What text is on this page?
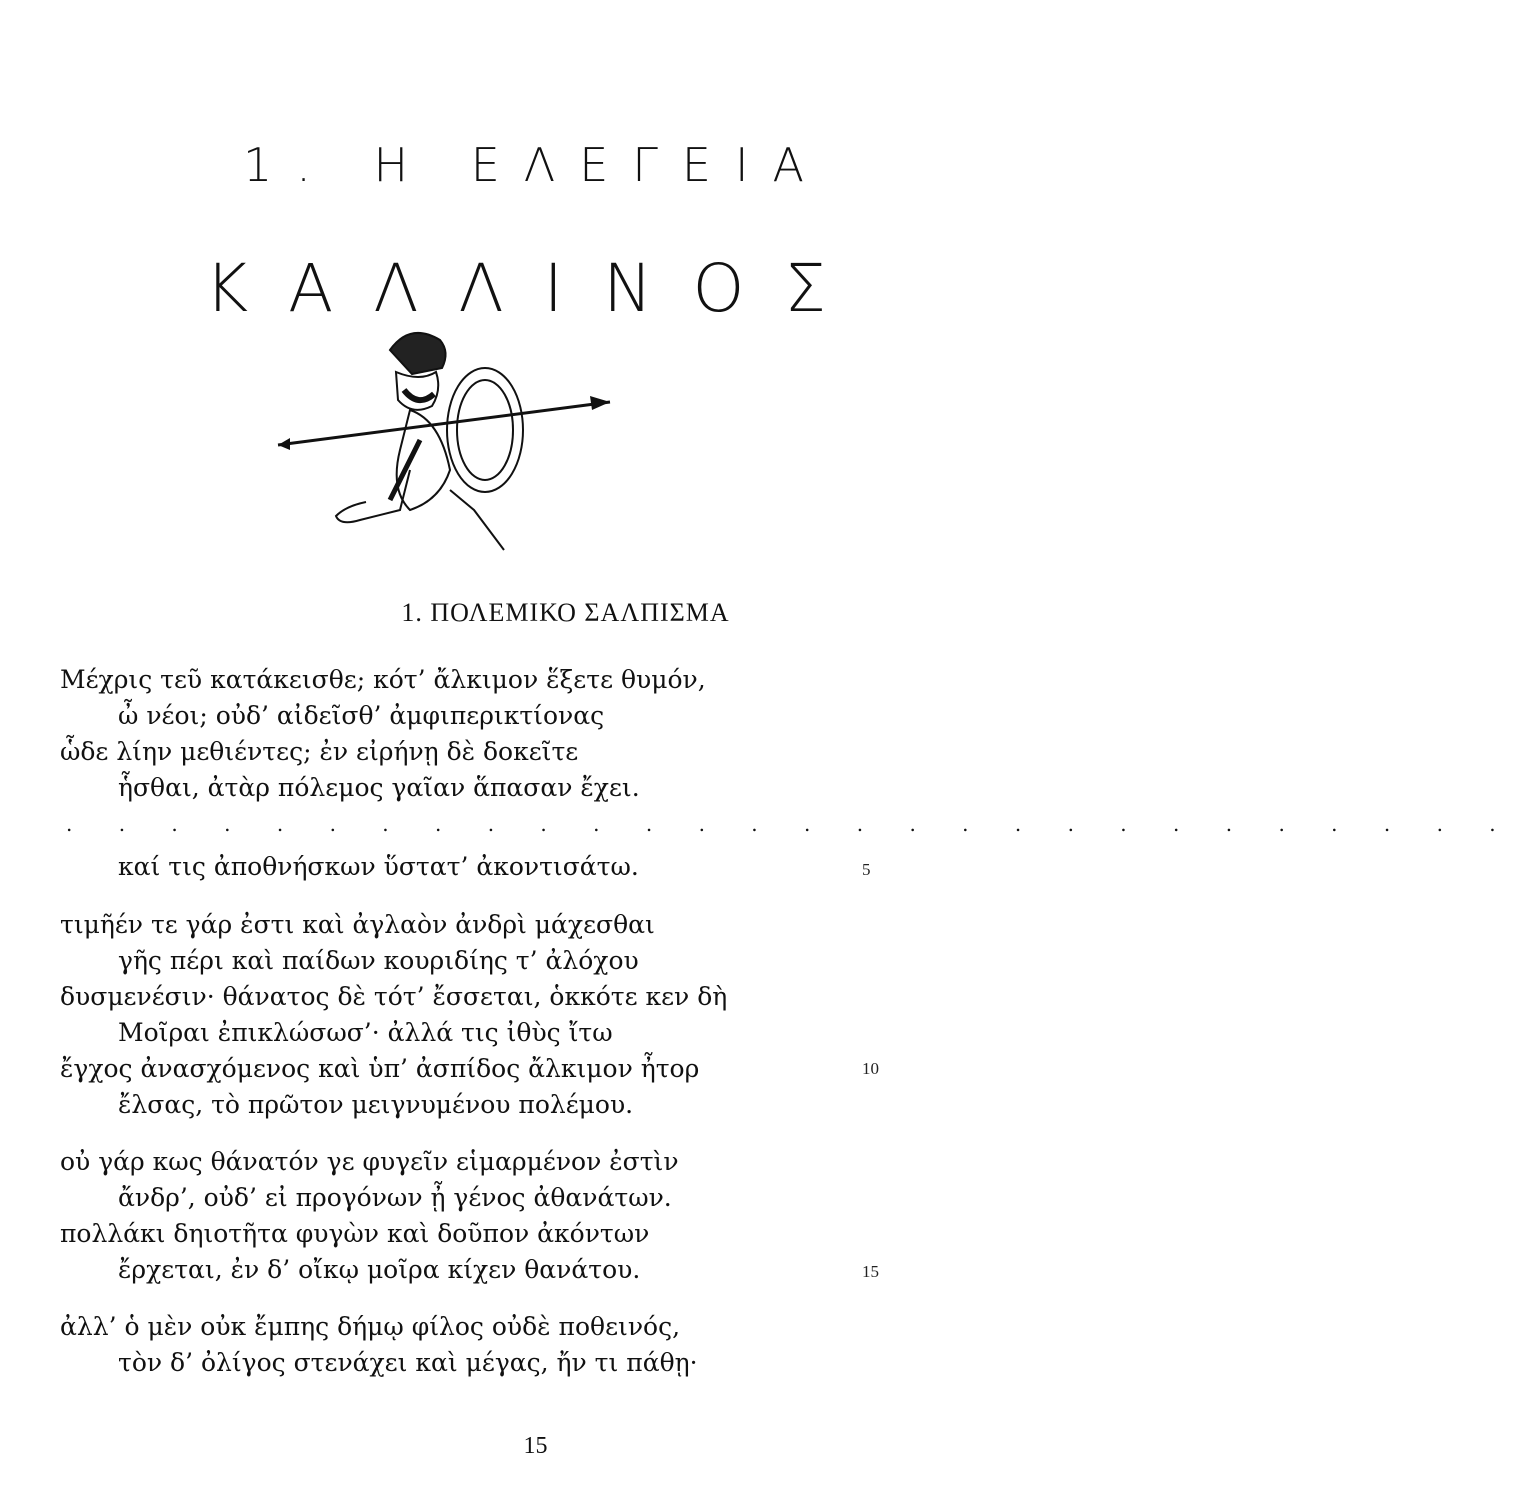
1. Η ΕΛΕΓΕΙΑ
ΚΑΛΛΙΝΟΣ
1. ΠΟΛΕΜΙΚΟ ΣΑΛΠΙΣΜΑ
Μέχρις τεῦ κατάκεισθε; κότ’ ἄλκιμον ἕξετε θυμόν,
ὦ νέοι; οὐδ’ αἰδεῖσθ’ ἀμφιπερικτίονας
ὧδε λίην μεθιέντες; ἐν εἰρήνῃ δὲ δοκεῖτε
ἧσθαι, ἀτὰρ πόλεμος γαῖαν ἅπασαν ἔχει.
. . . . . . . . . . . . . . . . . . . . . . . . . . . .
καί τις ἀποθνήσκων ὕστατ’ ἀκοντισάτω.	5
τιμῆέν τε γάρ ἐστι καὶ ἀγλαὸν ἀνδρὶ μάχεσθαι
γῆς πέρι καὶ παίδων κουριδίης τ’ ἀλόχου
δυσμενέσιν· θάνατος δὲ τότ’ ἔσσεται, ὁκκότε κεν δὴ
Μοῖραι ἐπικλώσωσ’· ἀλλά τις ἰθὺς ἴτω
ἔγχος ἀνασχόμενος καὶ ὑπ’ ἀσπίδος ἄλκιμον ἦτορ	10
ἔλσας, τὸ πρῶτον μειγνυμένου πολέμου.
οὐ γάρ κως θάνατόν γε φυγεῖν εἱμαρμένον ἐστὶν
ἄνδρ’, οὐδ’ εἰ προγόνων ᾖ γένος ἀθανάτων.
πολλάκι δηιοτῆτα φυγὼν καὶ δοῦπον ἀκόντων
ἔρχεται, ἐν δ’ οἴκῳ μοῖρα κίχεν θανάτου.	15
ἀλλ’ ὁ μὲν οὐκ ἔμπης δήμῳ φίλος οὐδὲ ποθεινός,
τὸν δ’ ὀλίγος στενάχει καὶ μέγας, ἤν τι πάθῃ·
15
